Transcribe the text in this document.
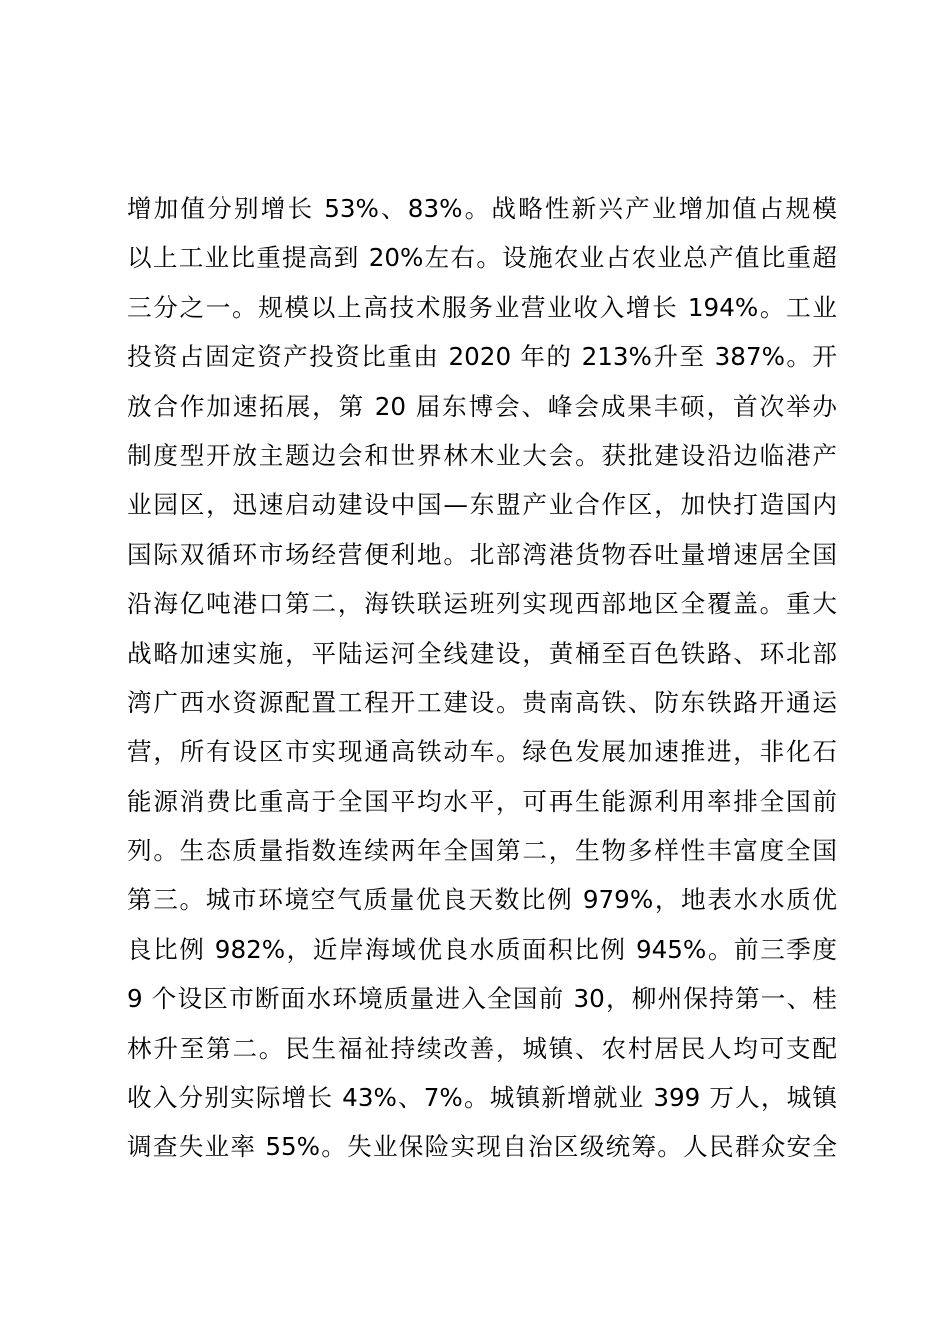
增加值分别增长 53%、83%。战略性新兴产业增加值占规模
以上工业比重提高到 20%左右。设施农业占农业总产值比重超
三分之一。规模以上高技术服务业营业收入增长 194%。工业
投资占固定资产投资比重由 2020 年的 213%升至 387%。开
放合作加速拓展，第 20 届东博会、峰会成果丰硕，首次举办
制度型开放主题边会和世界林木业大会。获批建设沿边临港产
业园区，迅速启动建设中国—东盟产业合作区，加快打造国内
国际双循环市场经营便利地。北部湾港货物吞吐量增速居全国
沿海亿吨港口第二，海铁联运班列实现西部地区全覆盖。重大
战略加速实施，平陆运河全线建设，黄桶至百色铁路、环北部
湾广西水资源配置工程开工建设。贵南高铁、防东铁路开通运
营，所有设区市实现通高铁动车。绿色发展加速推进，非化石
能源消费比重高于全国平均水平，可再生能源利用率排全国前
列。生态质量指数连续两年全国第二，生物多样性丰富度全国
第三。城市环境空气质量优良天数比例 979%，地表水水质优
良比例 982%，近岸海域优良水质面积比例 945%。前三季度
9 个设区市断面水环境质量进入全国前 30，柳州保持第一、桂
林升至第二。民生福祉持续改善，城镇、农村居民人均可支配
收入分别实际增长 43%、7%。城镇新增就业 399 万人，城镇
调查失业率 55%。失业保险实现自治区级统筹。人民群众安全
